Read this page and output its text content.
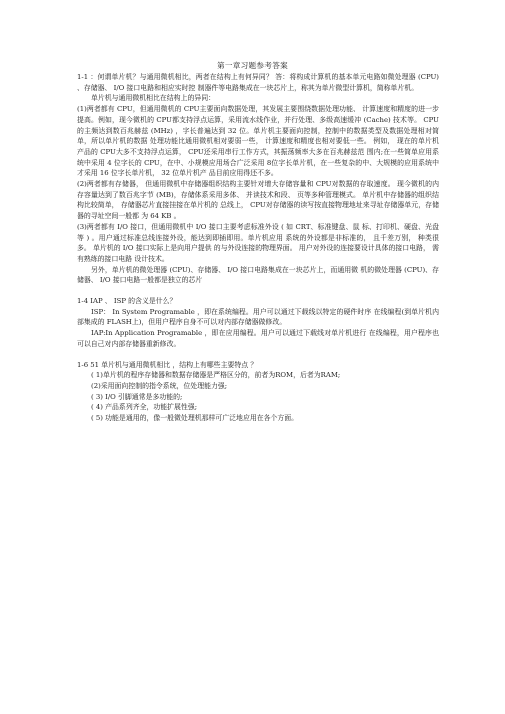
第一章习题参考答案

1-1 ：何谓单片机？与通用微机相比，两者在结构上有何异同？ 答：将构成计算机的基本单元电路如微处理器 (CPU) 、存储器、 I/O 接口电路和相应实时控 制器件等电路集成在一块芯片上，称其为单片微型计算机，简称单片机。

单片机与通用微机相比在结构上的异同：

(1)两者都有 CPU，但通用微机的 CPU主要面向数据处理，其发展主要围绕数据处理功能、 计算速度和精度的进一步提高。例如，现今微机的 CPU都支持浮点运算，采用流水线作业，并行处理、多级高速缓冲 (Cache) 技术等。 CPU的主频达到数百兆赫兹 (MHz) ，字长普遍达到 32 位。单片机主要面向控制，控制中的数据类型及数据处理相对简单，所以单片机的数据 处理功能比通用微机相对要弱一些， 计算速度和精度也相对要低一些。 例如， 现在的单片机 产品的 CPU大多不支持浮点运算， CPU还采用串行工作方式，其振荡频率大多在百兆赫兹范 围内;在一些简单应用系统中采用 4 位字长的 CPU，在中、小规模应用场合广泛采用 8位字长单片机，在一些复杂的中、大规模的应用系统中才采用 16 位字长单片机， 32 位单片机产 品目前应用得还不多。

(2)两者都有存储器， 但通用微机中存储器组织结构主要针对增大存储容量和 CPU对数据的存取速度。 现今微机的内存容量达到了数百兆字节 (MB)，存储体系采用多体、 并读技术和段、 页等多种管理模式。 单片机中存储器的组织结构比较简单， 存储器芯片直接挂接在单片机的 总线上， CPU对存储器的读写按直接物理地址来寻址存储器单元，存储器的寻址空间一般都 为 64 KB 。

(3)两者都有 I/O 接口，但通用微机中 I/O 接口主要考虑标准外设 ( 如 CRT、标准键盘、鼠 标、打印机、硬盘、光盘等 ) 。用户通过标准总线连接外设，能达到即插即用。单片机应用 系统的外设都是非标准的， 且千差万别， 种类很多。 单片机的 I/O 接口实际上是向用户提供 的与外设连接的物理界面。 用户对外设的连接要设计具体的接口电路， 需有熟练的接口电路 设计技术。

另外，单片机的微处理器 (CPU)、存储器、 I/O 接口电路集成在一块芯片上，而通用微 机的微处理器 (CPU)、存储器、 I/O 接口电路一般都是独立的芯片

1-4 IAP 、 ISP 的含义是什么？

ISP： In System Programable ，即在系统编程。用户可以通过下载线以特定的硬件时序 在线编程(到单片机内部集成的 FLASH上)，但用户程序自身不可以对内部存储器做修改。

IAP:In Application Programable ，即在应用编程。用户可以通过下载线对单片机进行 在线编程，用户程序也可以自己对内部存储器重新修改。

1-6 51 单片机与通用微机相比 ，结构上有哪些主要特点 ？

( 1)单片机的程序存储器和数据存储器是严格区分的，前者为ROM，后者为RAM;

(2)采用面向控制的指令系统，位处理能力强;

( 3) I/O 引脚通常是多功能的;

( 4) 产品系列齐全，功能扩展性强;

( 5) 功能是通用的，像一般微处理机那样可广泛地应用在各个方面。
